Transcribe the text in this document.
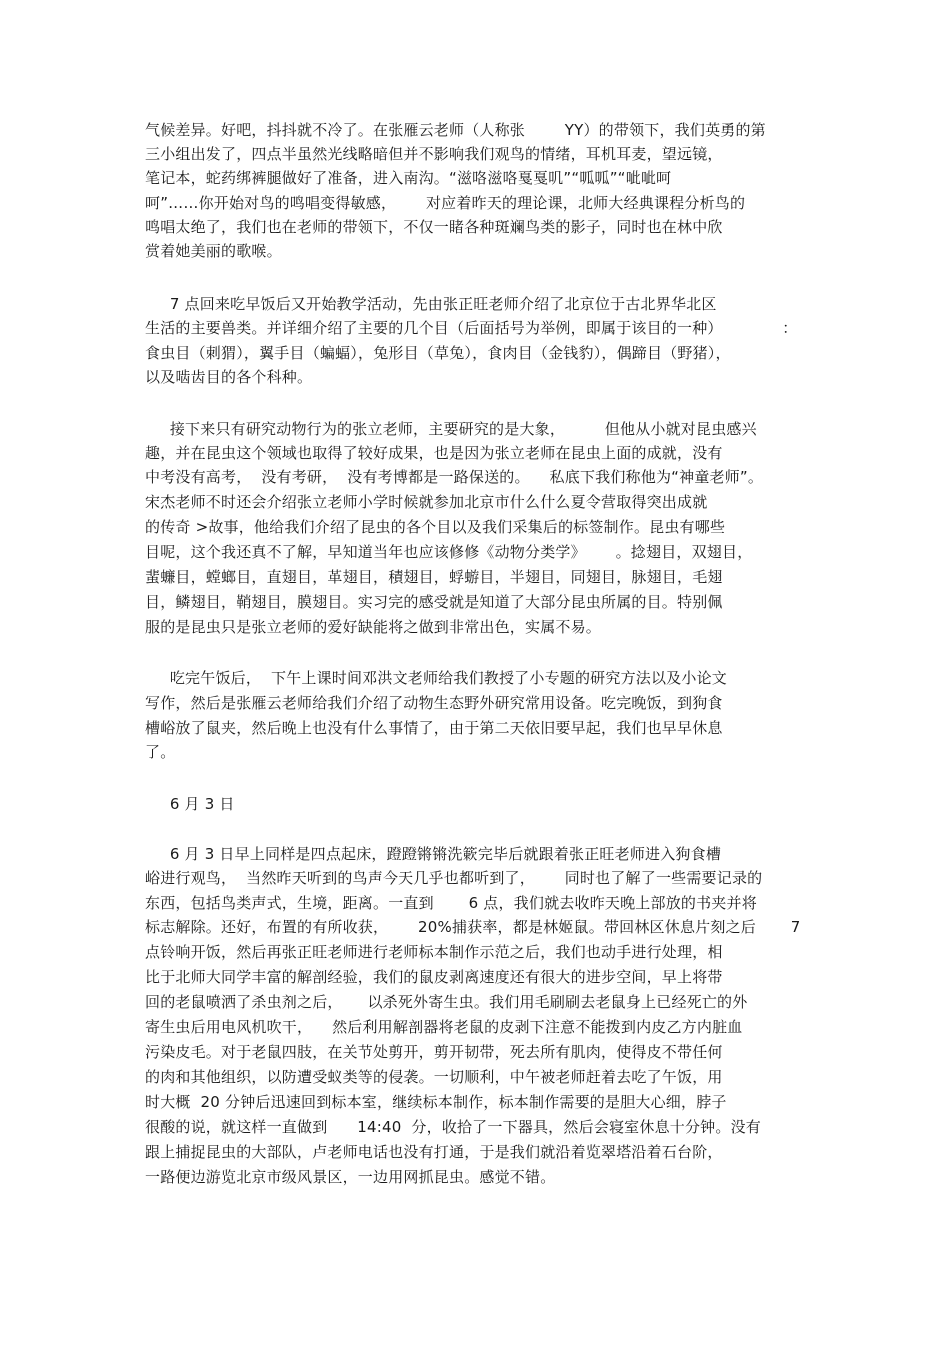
气候差异。好吧，抖抖就不冷了。在张雁云老师（人称张        YY）的带领下，我们英勇的第
三小组出发了，四点半虽然光线略暗但并不影响我们观鸟的情绪，耳机耳麦，望远镜，
笔记本，蛇药绑裤腿做好了准备，进入南沟。“滋咯滋咯戛戛叽”“呱呱”“呲呲呵
呵”……你开始对鸟的鸣唱变得敏感，      对应着昨天的理论课，北师大经典课程分析鸟的
鸣唱太绝了，我们也在老师的带领下，不仅一睹各种斑斓鸟类的影子，同时也在林中欣
赏着她美丽的歌喉。
7 点回来吃早饭后又开始教学活动，先由张正旺老师介绍了北京位于古北界华北区
生活的主要兽类。并详细介绍了主要的几个目（后面括号为举例，即属于该目的一种）            ：
食虫目（刺猬），翼手目（蝙蝠），兔形目（草兔），食肉目（金钱豹），偶蹄目（野猪），
以及啮齿目的各个科种。
接下来只有研究动物行为的张立老师，主要研究的是大象，        但他从小就对昆虫感兴
趣，并在昆虫这个领域也取得了较好成果，也是因为张立老师在昆虫上面的成就，没有
中考没有高考，  没有考研，  没有考博都是一路保送的。    私底下我们称他为“神童老师”。
宋杰老师不时还会介绍张立老师小学时候就参加北京市什么什么夏令营取得突出成就
的传奇 >故事，他给我们介绍了昆虫的各个目以及我们采集后的标签制作。昆虫有哪些
目呢，这个我还真不了解，早知道当年也应该修修《动物分类学》      。捻翅目，双翅目，
蜚蠊目，螳螂目，直翅目，革翅目，積翅目，蜉蝣目，半翅目，同翅目，脉翅目，毛翅
目，鳞翅目，鞘翅目，膜翅目。实习完的感受就是知道了大部分昆虫所属的目。特别佩
服的是昆虫只是张立老师的爱好缺能将之做到非常出色，实属不易。
吃完午饭后，  下午上课时间邓洪文老师给我们教授了小专题的研究方法以及小论文
写作，然后是张雁云老师给我们介绍了动物生态野外研究常用设备。吃完晚饭，到狗食
槽峪放了鼠夹，然后晚上也没有什么事情了，由于第二天依旧要早起，我们也早早休息
了。
6 月 3 日
6 月 3 日早上同样是四点起床，蹬蹬锵锵洗簌完毕后就跟着张正旺老师进入狗食槽
峪进行观鸟，  当然昨天听到的鸟声今天几乎也都听到了，      同时也了解了一些需要记录的
东西，包括鸟类声式，生境，距离。一直到       6 点，我们就去收昨天晚上部放的书夹并将
标志解除。还好，布置的有所收获，      20%捕获率，都是林姬鼠。带回林区休息片刻之后       7
点铃响开饭，然后再张正旺老师进行老师标本制作示范之后，我们也动手进行处理，相
比于北师大同学丰富的解剖经验，我们的鼠皮剥离速度还有很大的进步空间，早上将带
回的老鼠喷洒了杀虫剂之后，     以杀死外寄生虫。我们用毛刷刷去老鼠身上已经死亡的外
寄生虫后用电风机吹干，    然后利用解剖器将老鼠的皮剥下注意不能拨到内皮乙方内脏血
污染皮毛。对于老鼠四肢，在关节处剪开，剪开韧带，死去所有肌肉，使得皮不带任何
的肉和其他组织，以防遭受蚁类等的侵袭。一切顺利，中午被老师赶着去吃了午饭，用
时大概  20 分钟后迅速回到标本室，继续标本制作，标本制作需要的是胆大心细，脖子
很酸的说，就这样一直做到      14:40  分，收拾了一下器具，然后会寝室休息十分钟。没有
跟上捕捉昆虫的大部队，卢老师电话也没有打通，于是我们就沿着览翠塔沿着石台阶，
一路便边游览北京市级风景区，一边用网抓昆虫。感觉不错。
